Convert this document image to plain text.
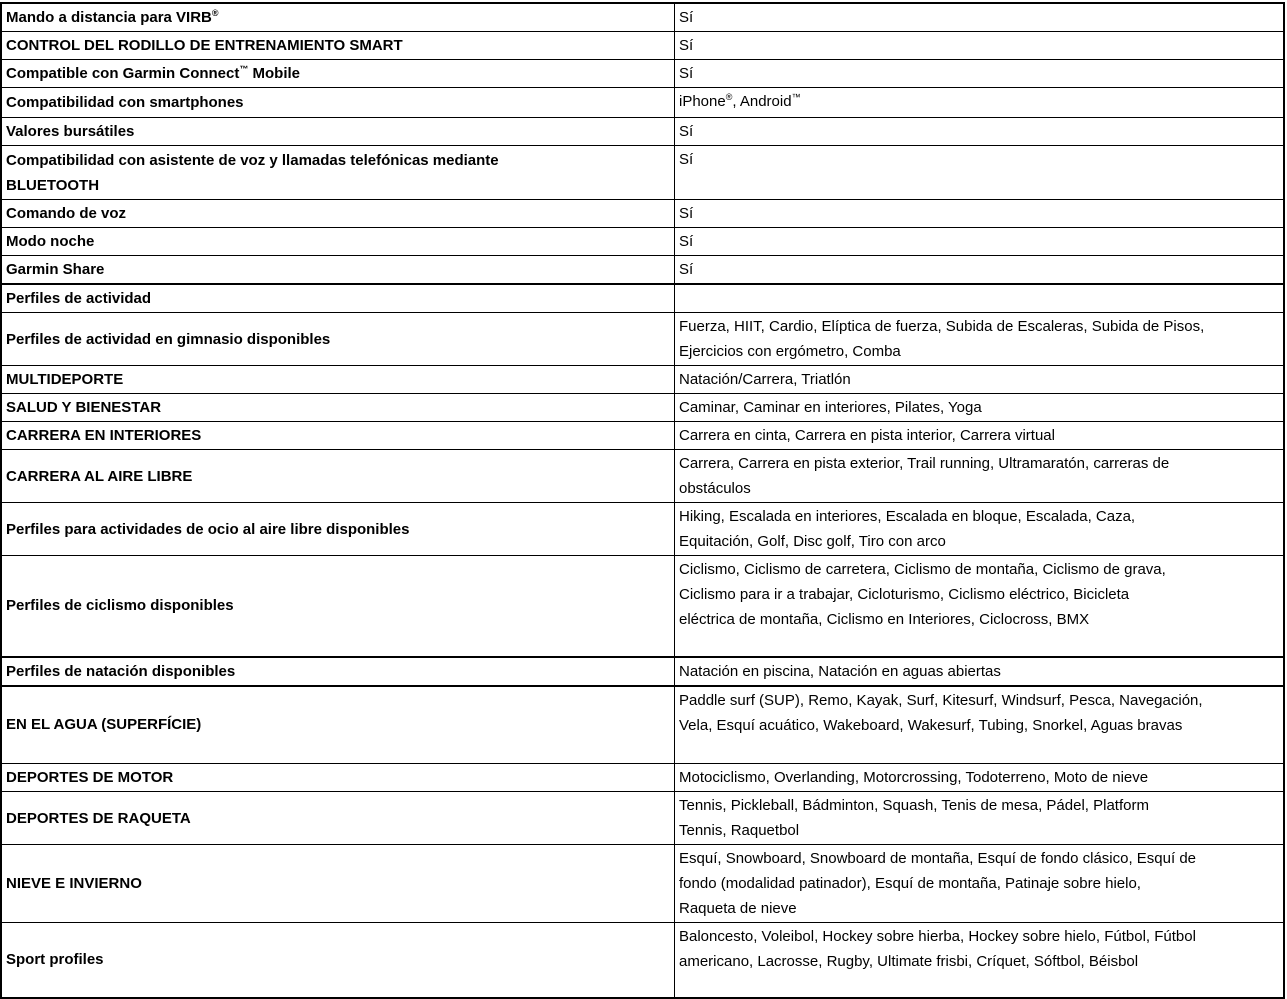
Mando a distancia para VIRB®	Sí
CONTROL DEL RODILLO DE ENTRENAMIENTO SMART	Sí
Compatible con Garmin Connect™ Mobile	Sí
Compatibilidad con smartphones	iPhone®, Android™
Valores bursátiles	Sí
Compatibilidad con asistente de voz y llamadas telefónicas mediante
BLUETOOTH	Sí
Comando de voz	Sí
Modo noche	Sí
Garmin Share	Sí
Perfiles de actividad	
Perfiles de actividad en gimnasio disponibles	Fuerza, HIIT, Cardio, Elíptica de fuerza, Subida de Escaleras, Subida de Pisos,
Ejercicios con ergómetro, Comba
MULTIDEPORTE	Natación/Carrera, Triatlón
SALUD Y BIENESTAR	Caminar, Caminar en interiores, Pilates, Yoga
CARRERA EN INTERIORES	Carrera en cinta, Carrera en pista interior, Carrera virtual
CARRERA AL AIRE LIBRE	Carrera, Carrera en pista exterior, Trail running, Ultramaratón, carreras de
obstáculos
Perfiles para actividades de ocio al aire libre disponibles	Hiking, Escalada en interiores, Escalada en bloque, Escalada, Caza,
Equitación, Golf, Disc golf, Tiro con arco
Perfiles de ciclismo disponibles	Ciclismo, Ciclismo de carretera, Ciclismo de montaña, Ciclismo de grava,
Ciclismo para ir a trabajar, Cicloturismo, Ciclismo eléctrico, Bicicleta
eléctrica de montaña, Ciclismo en Interiores, Ciclocross, BMX
Perfiles de natación disponibles	Natación en piscina, Natación en aguas abiertas
EN EL AGUA (SUPERFÍCIE)	Paddle surf (SUP), Remo, Kayak, Surf, Kitesurf, Windsurf, Pesca, Navegación,
Vela, Esquí acuático, Wakeboard, Wakesurf, Tubing, Snorkel, Aguas bravas
DEPORTES DE MOTOR	Motociclismo, Overlanding, Motorcrossing, Todoterreno, Moto de nieve
DEPORTES DE RAQUETA	Tennis, Pickleball, Bádminton, Squash, Tenis de mesa, Pádel, Platform
Tennis, Raquetbol
NIEVE E INVIERNO	Esquí, Snowboard, Snowboard de montaña, Esquí de fondo clásico, Esquí de
fondo (modalidad patinador), Esquí de montaña, Patinaje sobre hielo,
Raqueta de nieve
Sport profiles	Baloncesto, Voleibol, Hockey sobre hierba, Hockey sobre hielo, Fútbol, Fútbol
americano, Lacrosse, Rugby, Ultimate frisbi, Críquet, Sóftbol, Béisbol
